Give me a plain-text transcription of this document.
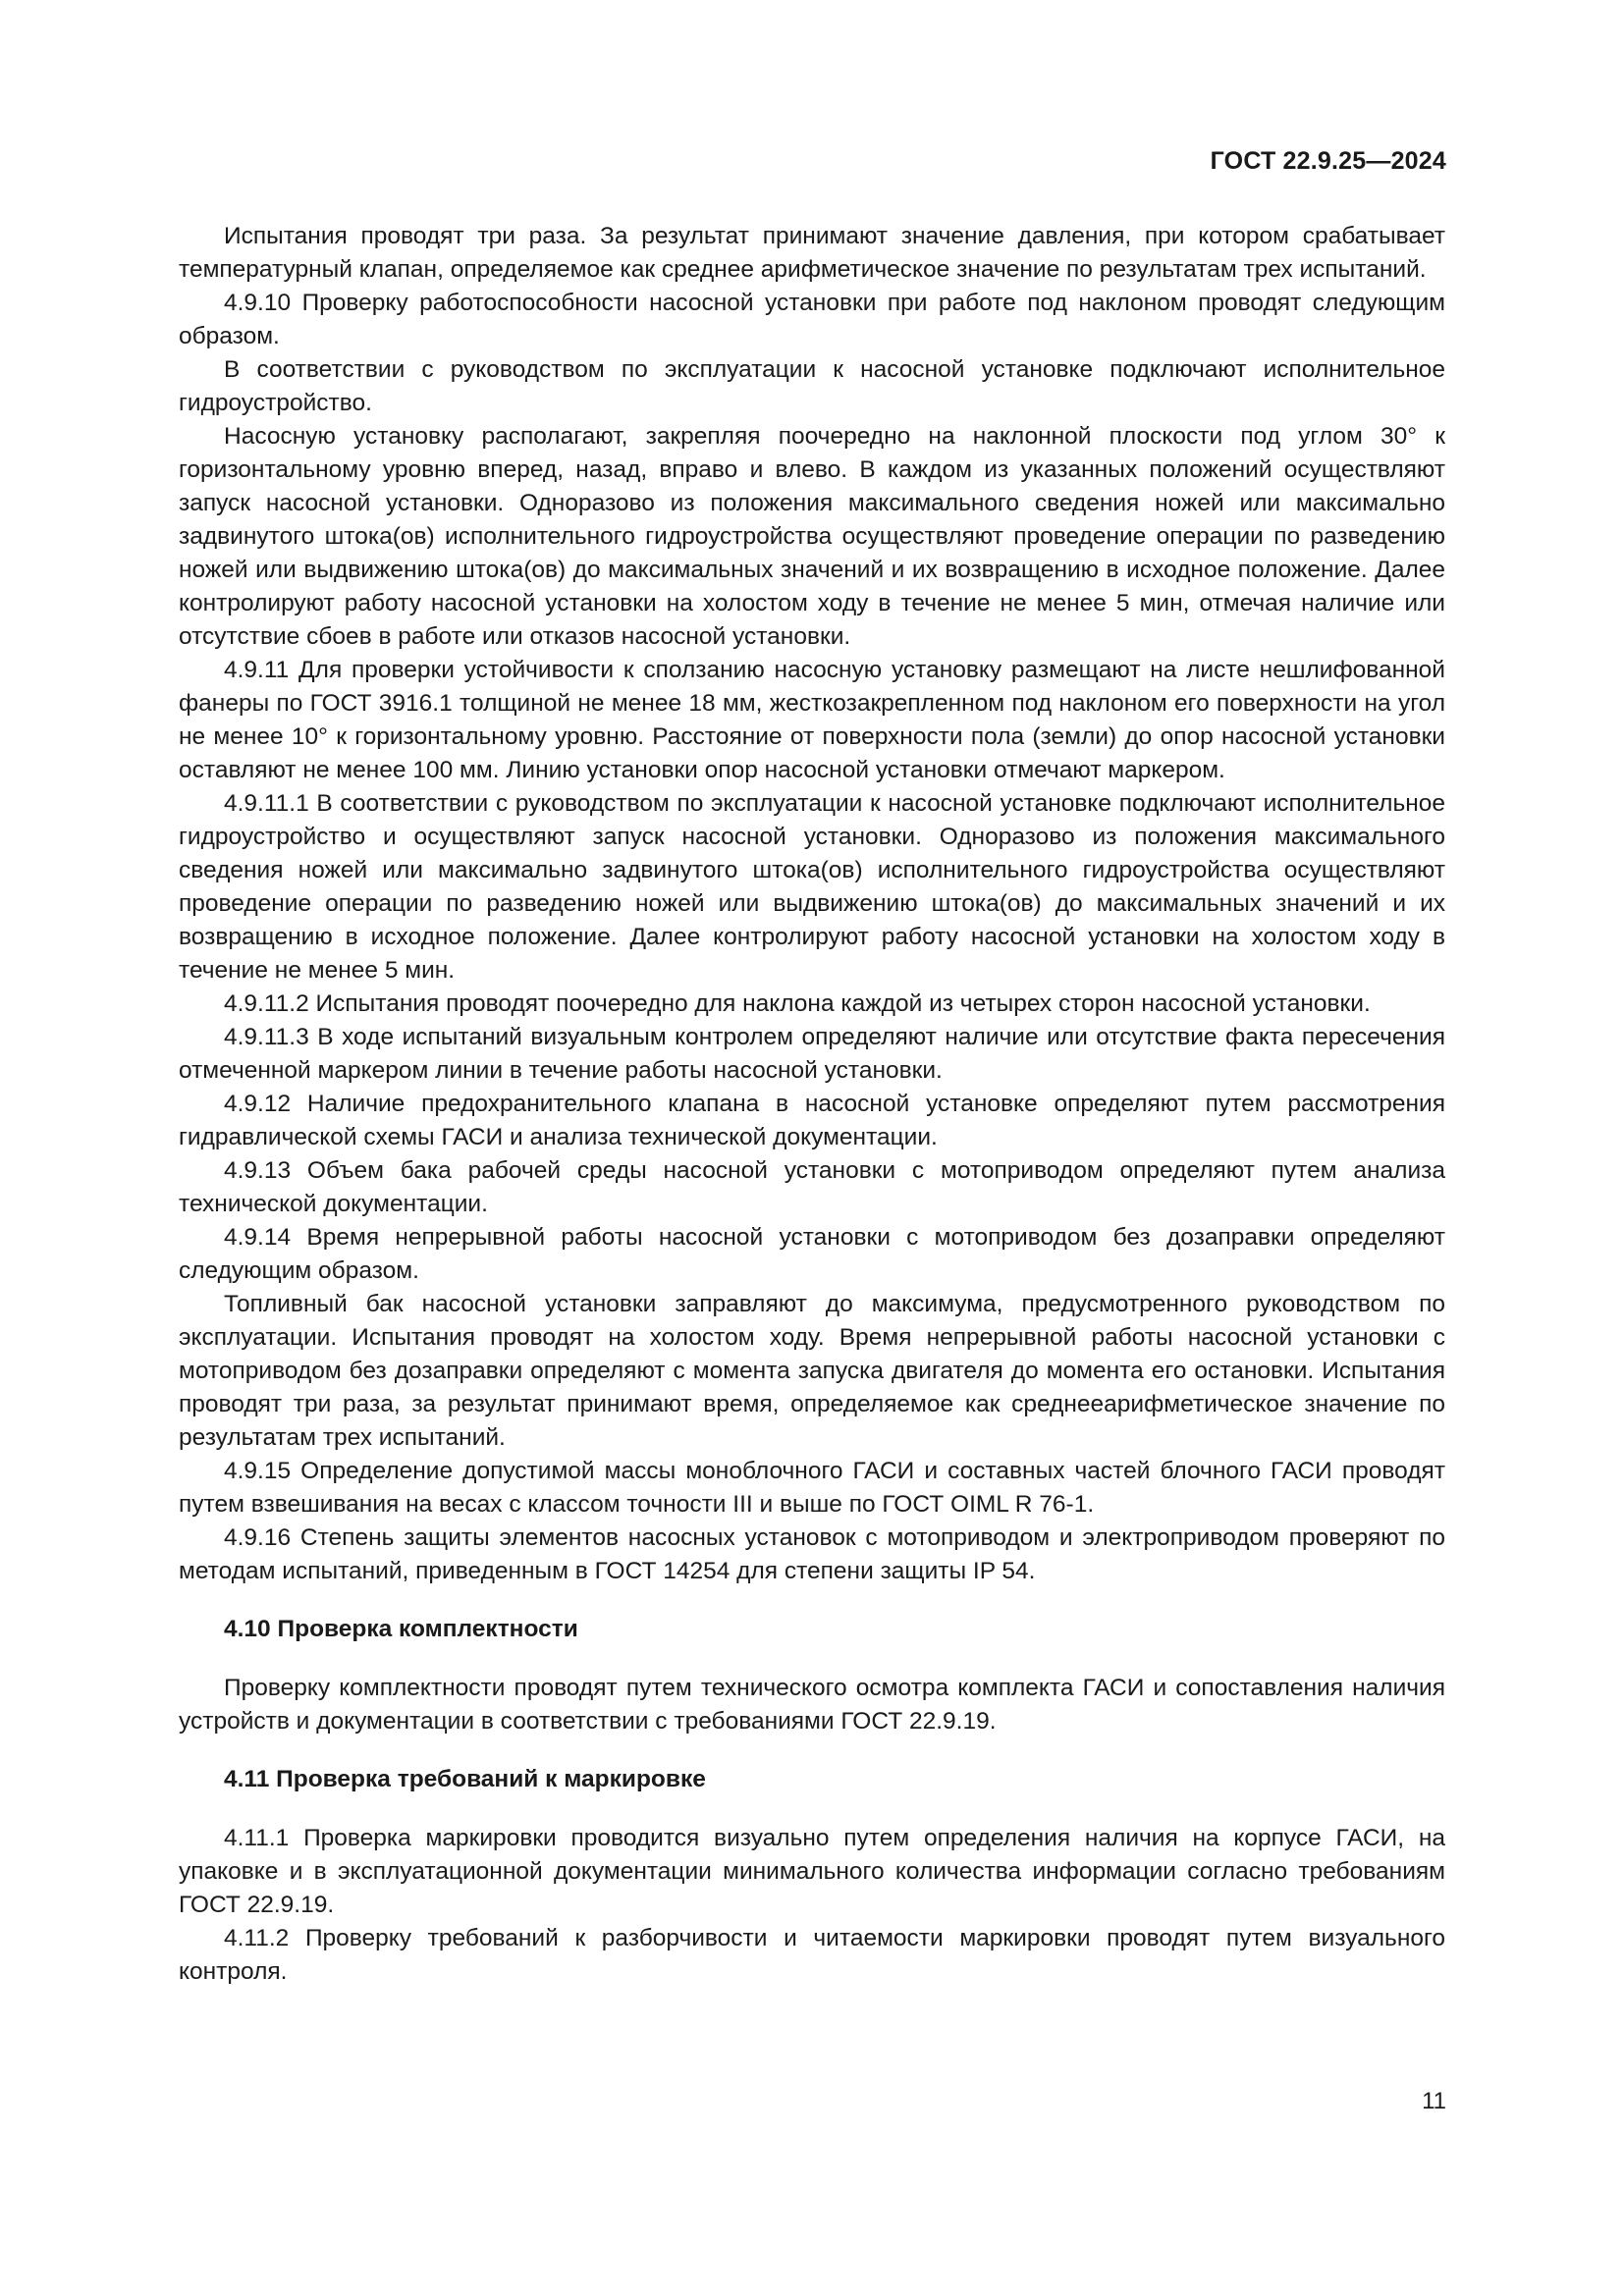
ГОСТ 22.9.25—2024

Испытания проводят три раза. За результат принимают значение давления, при котором срабатывает температурный клапан, определяемое как среднее арифметическое значение по результатам трех испытаний.

4.9.10 Проверку работоспособности насосной установки при работе под наклоном проводят следующим образом.

В соответствии с руководством по эксплуатации к насосной установке подключают исполнительное гидроустройство.

Насосную установку располагают, закрепляя поочередно на наклонной плоскости под углом 30° к горизонтальному уровню вперед, назад, вправо и влево. В каждом из указанных положений осуществляют запуск насосной установки. Одноразово из положения максимального сведения ножей или максимально задвинутого штока(ов) исполнительного гидроустройства осуществляют проведение операции по разведению ножей или выдвижению штока(ов) до максимальных значений и их возвращению в исходное положение. Далее контролируют работу насосной установки на холостом ходу в течение не менее 5 мин, отмечая наличие или отсутствие сбоев в работе или отказов насосной установки.

4.9.11 Для проверки устойчивости к сползанию насосную установку размещают на листе нешлифованной фанеры по ГОСТ 3916.1 толщиной не менее 18 мм, жесткозакрепленном под наклоном его поверхности на угол не менее 10° к горизонтальному уровню. Расстояние от поверхности пола (земли) до опор насосной установки оставляют не менее 100 мм. Линию установки опор насосной установки отмечают маркером.

4.9.11.1 В соответствии с руководством по эксплуатации к насосной установке подключают исполнительное гидроустройство и осуществляют запуск насосной установки. Одноразово из положения максимального сведения ножей или максимально задвинутого штока(ов) исполнительного гидроустройства осуществляют проведение операции по разведению ножей или выдвижению штока(ов) до максимальных значений и их возвращению в исходное положение. Далее контролируют работу насосной установки на холостом ходу в течение не менее 5 мин.

4.9.11.2 Испытания проводят поочередно для наклона каждой из четырех сторон насосной установки.

4.9.11.3 В ходе испытаний визуальным контролем определяют наличие или отсутствие факта пересечения отмеченной маркером линии в течение работы насосной установки.

4.9.12 Наличие предохранительного клапана в насосной установке определяют путем рассмотрения гидравлической схемы ГАСИ и анализа технической документации.

4.9.13 Объем бака рабочей среды насосной установки с мотоприводом определяют путем анализа технической документации.

4.9.14 Время непрерывной работы насосной установки с мотоприводом без дозаправки определяют следующим образом.

Топливный бак насосной установки заправляют до максимума, предусмотренного руководством по эксплуатации. Испытания проводят на холостом ходу. Время непрерывной работы насосной установки с мотоприводом без дозаправки определяют с момента запуска двигателя до момента его остановки. Испытания проводят три раза, за результат принимают время, определяемое как среднееарифметическое значение по результатам трех испытаний.

4.9.15 Определение допустимой массы моноблочного ГАСИ и составных частей блочного ГАСИ проводят путем взвешивания на весах с классом точности III и выше по ГОСТ OIML R 76-1.

4.9.16 Степень защиты элементов насосных установок с мотоприводом и электроприводом проверяют по методам испытаний, приведенным в ГОСТ 14254 для степени защиты IP 54.

4.10 Проверка комплектности

Проверку комплектности проводят путем технического осмотра комплекта ГАСИ и сопоставления наличия устройств и документации в соответствии с требованиями ГОСТ 22.9.19.

4.11 Проверка требований к маркировке

4.11.1 Проверка маркировки проводится визуально путем определения наличия на корпусе ГАСИ, на упаковке и в эксплуатационной документации минимального количества информации согласно требованиям ГОСТ 22.9.19.

4.11.2 Проверку требований к разборчивости и читаемости маркировки проводят путем визуального контроля.

11
